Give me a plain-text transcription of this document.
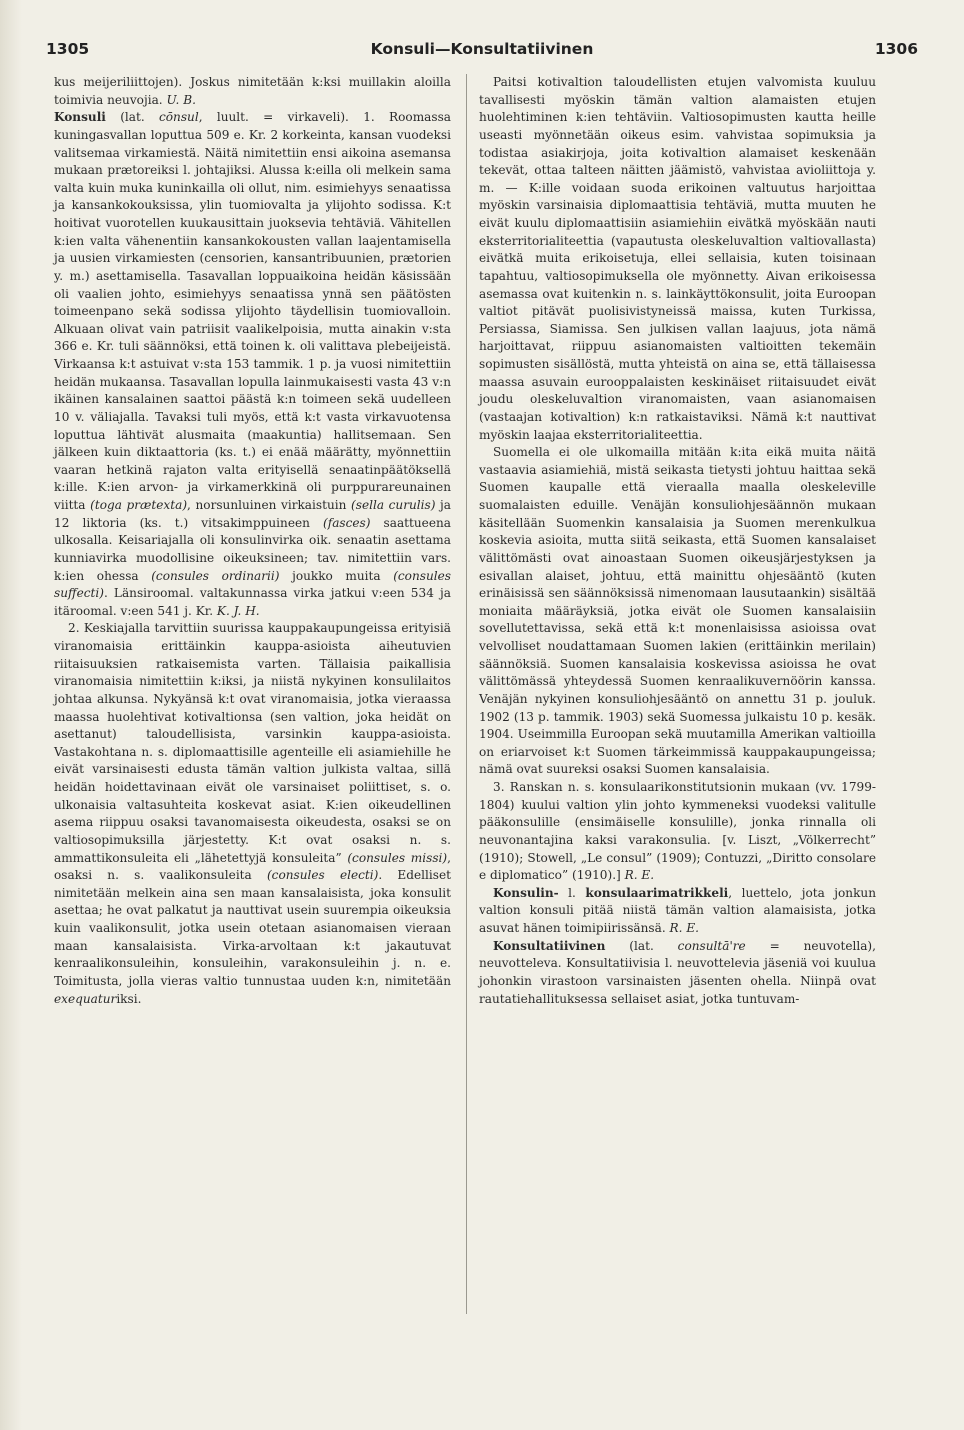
1305	Konsuli—Konsultatiivinen	1306

kus meijeriliittojen). Joskus nimitetään k:ksi muillakin aloilla toimivia neuvojia. U. B.

Konsuli (lat. cōnsul, luult. = virkaveli). 1. Roomassa kuningasvallan loputtua 509 e. Kr. 2 korkeinta, kansan vuodeksi valitsemaa virkamiestä. Näitä nimitettiin ensi aikoina asemansa mukaan prætoreiksi l. johtajiksi. Alussa k:eilla oli melkein sama valta kuin muka kuninkailla oli ollut, nim. esimiehyys senaatissa ja kansankokouksissa, ylin tuomiovalta ja ylijohto sodissa. K:t hoitivat vuorotellen kuukausittain juoksevia tehtäviä. Vähitellen k:ien valta vähenentiin kansankokousten vallan laajentamisella ja uusien virkamiesten (censorien, kansantribuunien, prætorien y. m.) asettamisella. Tasavallan loppuaikoina heidän käsissään oli vaalien johto, esimiehyys senaatissa ynnä sen päätösten toimeenpano sekä sodissa ylijohto täydellisin tuomiovalloin. Alkuaan olivat vain patriisit vaalikelpoisia, mutta ainakin v:sta 366 e. Kr. tuli säännöksi, että toinen k. oli valittava plebeijeistä. Virkaansa k:t astuivat v:sta 153 tammik. 1 p. ja vuosi nimitettiin heidän mukaansa. Tasavallan lopulla lainmukaisesti vasta 43 v:n ikäinen kansalainen saattoi päästä k:n toimeen sekä uudelleen 10 v. väliajalla. Tavaksi tuli myös, että k:t vasta virkavuotensa loputtua lähtivät alusmaita (maakuntia) hallitsemaan. Sen jälkeen kuin diktaattoria (ks. t.) ei enää määrätty, myönnettiin vaaran hetkinä rajaton valta erityisellä senaatinpäätöksellä k:ille. K:ien arvon- ja virkamerkkinä oli purppurareunainen viitta (toga prætexta), norsunluinen virkaistuin (sella curulis) ja 12 liktoria (ks. t.) vitsakimppuineen (fasces) saattueena ulkosalla. Keisariajalla oli konsulinvirka oik. senaatin asettama kunniavirka muodollisine oikeuksineen; tav. nimitettiin vars. k:ien ohessa (consules ordinarii) joukko muita (consules suffecti). Länsiroomal. valtakunnassa virka jatkui v:een 534 ja itäroomal. v:een 541 j. Kr. K. J. H.

2. Keskiajalla tarvittiin suurissa kauppakaupungeissa erityisiä viranomaisia erittäinkin kauppa-asioista aiheutuvien riitaisuuksien ratkaisemista varten. Tällaisia paikallisia viranomaisia nimitettiin k:iksi, ja niistä nykyinen konsulilaitos johtaa alkunsa. Nykyänsä k:t ovat viranomaisia, jotka vieraassa maassa huolehtivat kotivaltionsa (sen valtion, joka heidät on asettanut) taloudellisista, varsinkin kauppa-asioista. Vastakohtana n. s. diplomaattisille agenteille eli asiamiehille he eivät varsinaisesti edusta tämän valtion julkista valtaa, sillä heidän hoidettavinaan eivät ole varsinaiset poliittiset, s. o. ulkonaisia valtasuhteita koskevat asiat. K:ien oikeudellinen asema riippuu osaksi tavanomaisesta oikeudesta, osaksi se on valtiosopimuksilla järjestetty. K:t ovat osaksi n. s. ammattikonsuleita eli „lähetettyjä konsuleita” (consules missi), osaksi n. s. vaalikonsuleita (consules electi). Edelliset nimitetään melkein aina sen maan kansalaisista, joka konsulit asettaa; he ovat palkatut ja nauttivat usein suurempia oikeuksia kuin vaalikonsulit, jotka usein otetaan asianomaisen vieraan maan kansalaisista. Virka-arvoltaan k:t jakautuvat kenraalikonsuleihin, konsuleihin, varakonsuleihin j. n. e. Toimitusta, jolla vieras valtio tunnustaa uuden k:n, nimitetään exequaturiksi.

Paitsi kotivaltion taloudellisten etujen valvomista kuuluu tavallisesti myöskin tämän valtion alamaisten etujen huolehtiminen k:ien tehtäviin. Valtiosopimusten kautta heille useasti myönnetään oikeus esim. vahvistaa sopimuksia ja todistaa asiakirjoja, joita kotivaltion alamaiset keskenään tekevät, ottaa talteen näitten jäämistö, vahvistaa avioliittoja y. m. — K:ille voidaan suoda erikoinen valtuutus harjoittaa myöskin varsinaisia diplomaattisia tehtäviä, mutta muuten he eivät kuulu diplomaattisiin asiamiehiin eivätkä myöskään nauti eksterritorialiteettia (vapautusta oleskeluvaltion valtiovallasta) eivätkä muita erikoisetuja, ellei sellaisia, kuten toisinaan tapahtuu, valtiosopimuksella ole myönnetty. Aivan erikoisessa asemassa ovat kuitenkin n. s. lainkäyttökonsulit, joita Euroopan valtiot pitävät puolisivistyneissä maissa, kuten Turkissa, Persiassa, Siamissa. Sen julkisen vallan laajuus, jota nämä harjoittavat, riippuu asianomaisten valtioitten tekemäin sopimusten sisällöstä, mutta yhteistä on aina se, että tällaisessa maassa asuvain eurooppalaisten keskinäiset riitaisuudet eivät joudu oleskeluvaltion viranomaisten, vaan asianomaisen (vastaajan kotivaltion) k:n ratkaistaviksi. Nämä k:t nauttivat myöskin laajaa eksterritorialiteettia.

Suomella ei ole ulkomailla mitään k:ita eikä muita näitä vastaavia asiamiehiä, mistä seikasta tietysti johtuu haittaa sekä Suomen kaupalle että vieraalla maalla oleskeleville suomalaisten eduille. Venäjän konsuliohjesäännön mukaan käsitellään Suomenkin kansalaisia ja Suomen merenkulkua koskevia asioita, mutta siitä seikasta, että Suomen kansalaiset välittömästi ovat ainoastaan Suomen oikeusjärjestyksen ja esivallan alaiset, johtuu, että mainittu ohjesääntö (kuten erinäisissä sen säännöksissä nimenomaan lausutaankin) sisältää moniaita määräyksiä, jotka eivät ole Suomen kansalaisiin sovellutettavissa, sekä että k:t monenlaisissa asioissa ovat velvolliset noudattamaan Suomen lakien (erittäinkin merilain) säännöksiä. Suomen kansalaisia koskevissa asioissa he ovat välittömässä yhteydessä Suomen kenraalikuvernöörin kanssa. Venäjän nykyinen konsuliohjesääntö on annettu 31 p. jouluk. 1902 (13 p. tammik. 1903) sekä Suomessa julkaistu 10 p. kesäk. 1904. Useimmilla Euroopan sekä muutamilla Amerikan valtioilla on eriarvoiset k:t Suomen tärkeimmissä kauppakaupungeissa; nämä ovat suureksi osaksi Suomen kansalaisia.

3. Ranskan n. s. konsulaarikonstitutsionin mukaan (vv. 1799-1804) kuului valtion ylin johto kymmeneksi vuodeksi valitulle pääkonsulille (ensimäiselle konsulille), jonka rinnalla oli neuvonantajina kaksi varakonsulia. [v. Liszt, „Völkerrecht” (1910); Stowell, „Le consul” (1909); Contuzzi, „Diritto consolare e diplomatico” (1910).] R. E.

Konsulin- l. konsulaarimatrikkeli, luettelo, jota jonkun valtion konsuli pitää niistä tämän valtion alamaisista, jotka asuvat hänen toimipiirissänsä. R. E.

Konsultatiivinen (lat. consultā're = neuvotella), neuvotteleva. Konsultatiivisia l. neuvottelevia jäseniä voi kuulua johonkin virastoon varsinaisten jäsenten ohella. Niinpä ovat rautatiehallituksessa sellaiset asiat, jotka tuntuvam-
